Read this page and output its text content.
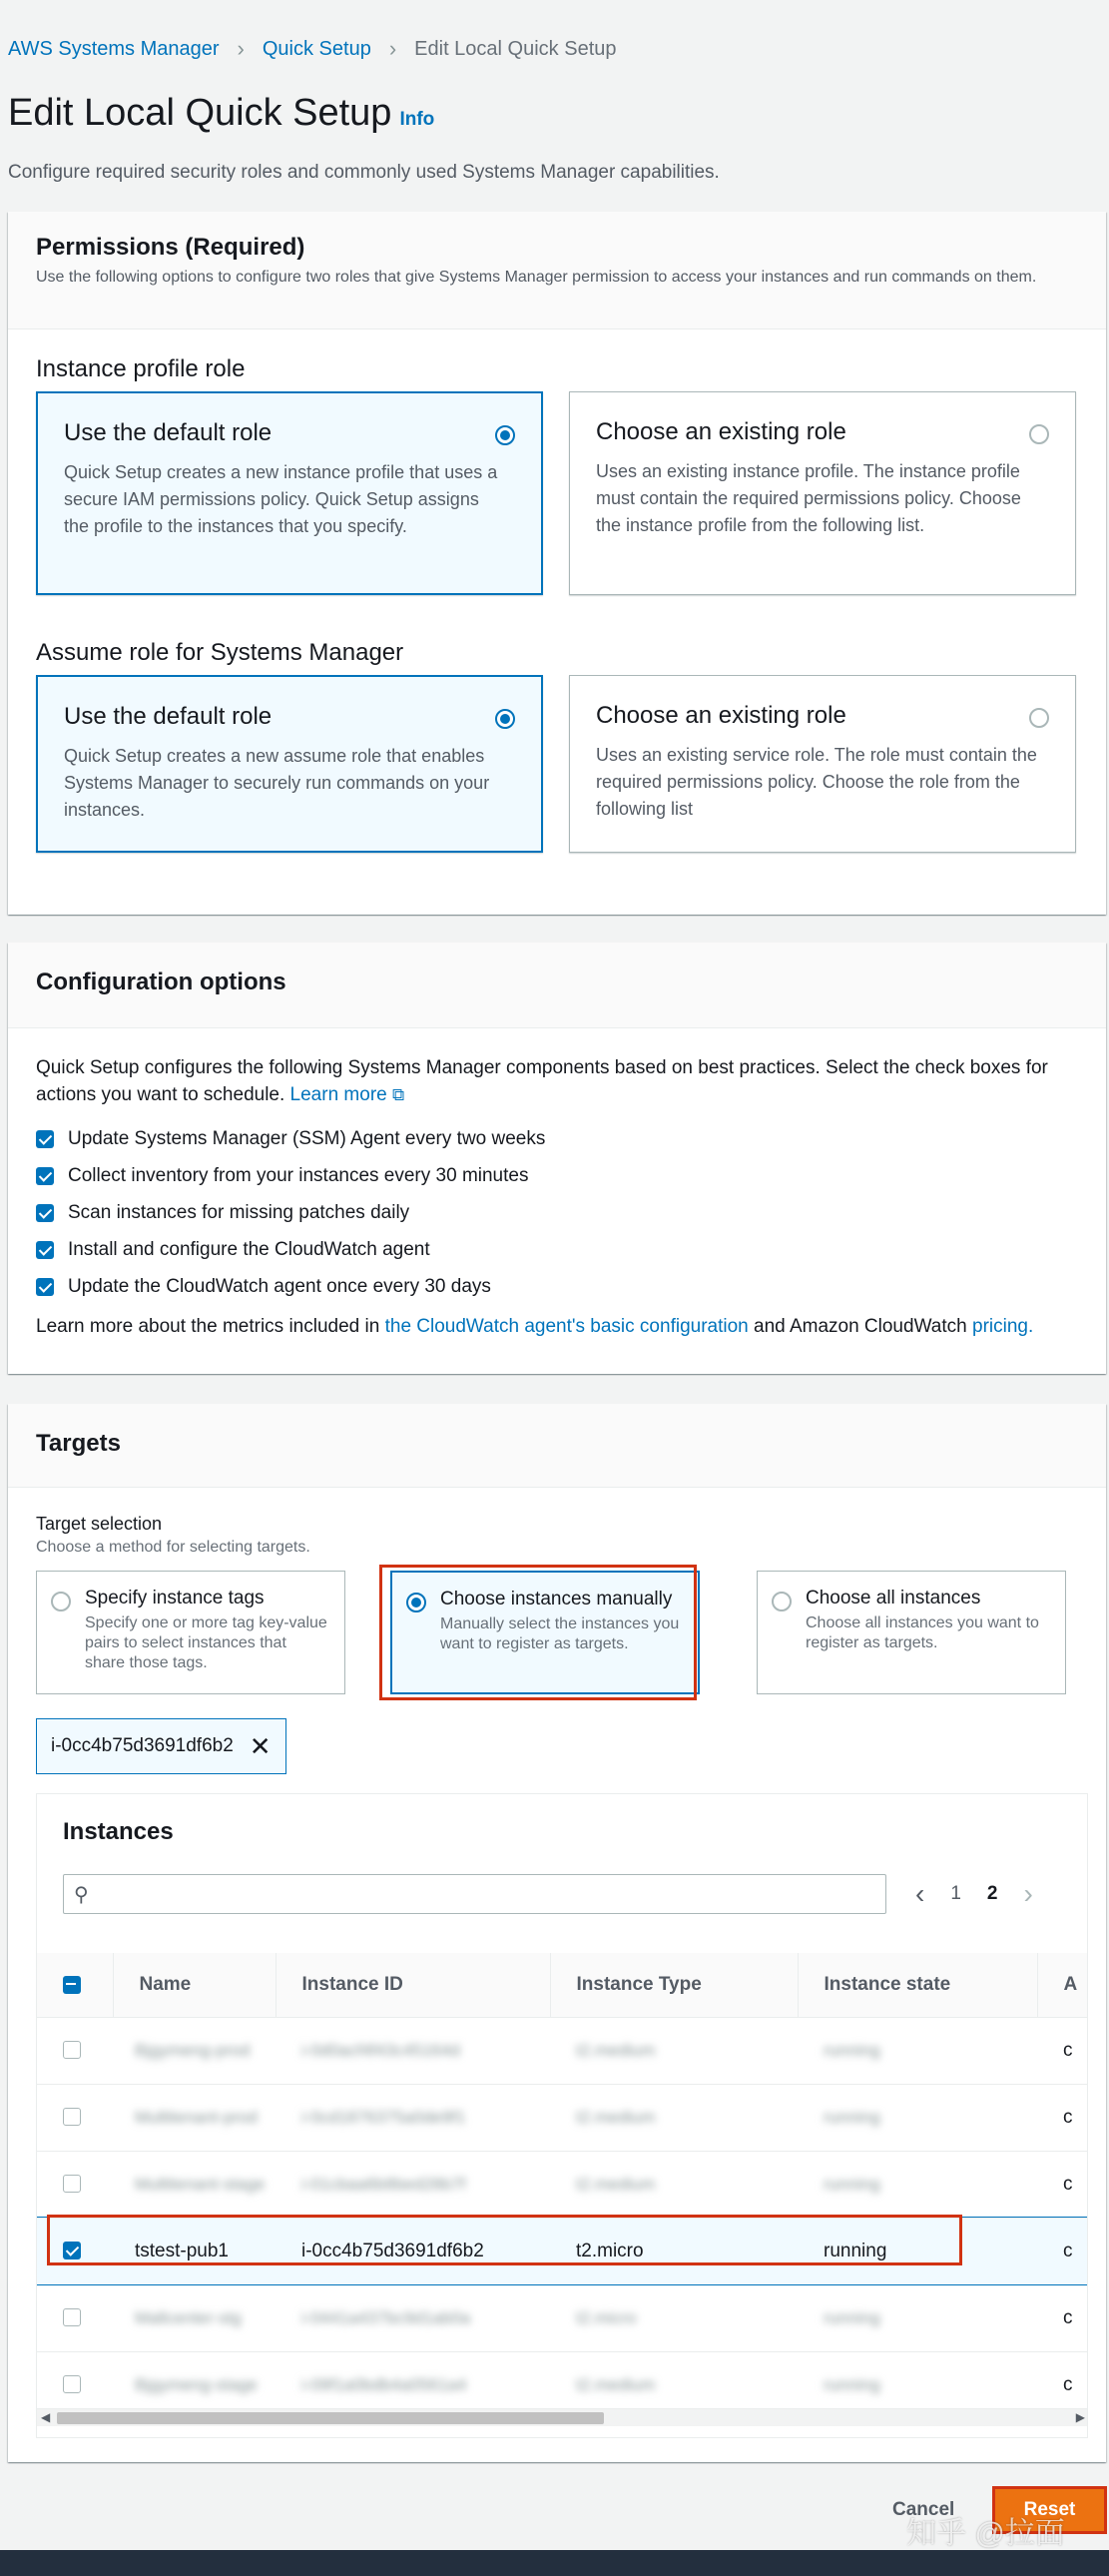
AWS Systems Manager › Quick Setup › Edit Local Quick Setup
Edit Local Quick Setup Info
Configure required security roles and commonly used Systems Manager capabilities.
Permissions (Required)

Use the following options to configure two roles that give Systems Manager permission to access your instances and run commands on them.

Instance profile role
Use the default role
Quick Setup creates a new instance profile that uses a secure IAM permissions policy. Quick Setup assigns the profile to the instances that you specify.
Choose an existing role
Uses an existing instance profile. The instance profile must contain the required permissions policy. Choose the instance profile from the following list.
Assume role for Systems Manager
Use the default role
Quick Setup creates a new assume role that enables Systems Manager to securely run commands on your instances.
Choose an existing role
Uses an existing service role. The role must contain the required permissions policy. Choose the role from the following list
Configuration options

Quick Setup configures the following Systems Manager components based on best practices. Select the check boxes for actions you want to schedule. Learn more ⧉

Update Systems Manager (SSM) Agent every two weeks
Collect inventory from your instances every 30 minutes
Scan instances for missing patches daily
Install and configure the CloudWatch agent
Update the CloudWatch agent once every 30 days

Learn more about the metrics included in the CloudWatch agent's basic configuration and Amazon CloudWatch pricing.

Targets
Target selection
Choose a method for selecting targets.
Specify instance tags
Specify one or more tag key-value pairs to select instances that share those tags.
Choose instances manually
Manually select the instances you want to register as targets.
Choose all instances
Choose all instances you want to register as targets.
i-0cc4b75d3691df6b2 ✕
Instances
⚲	‹ 1 2 ›
	Name	Instance ID	Instance Type	Instance state	A
	Bjgymeng-prod	i-0d0acf4f43c45164d	t2.medium	running	c
	Multitenant-prod	i-0cd1876375a0de9f1	t2.medium	running	c
	Multitenant-stage	i-01cbaa6b8bed28b7f	t2.medium	running	c
	tstest-pub1	i-0cc4b75d3691df6b2	t2.micro	running	c
	Mallcenter-stg	i-0441a437bc9d1ab0a	t2.micro	running	c
	Bjgymeng-stage	i-09f1a0bdb4a0561a4	t2.medium	running	c
◀	▶
Cancel	Reset
知乎 @拉面
